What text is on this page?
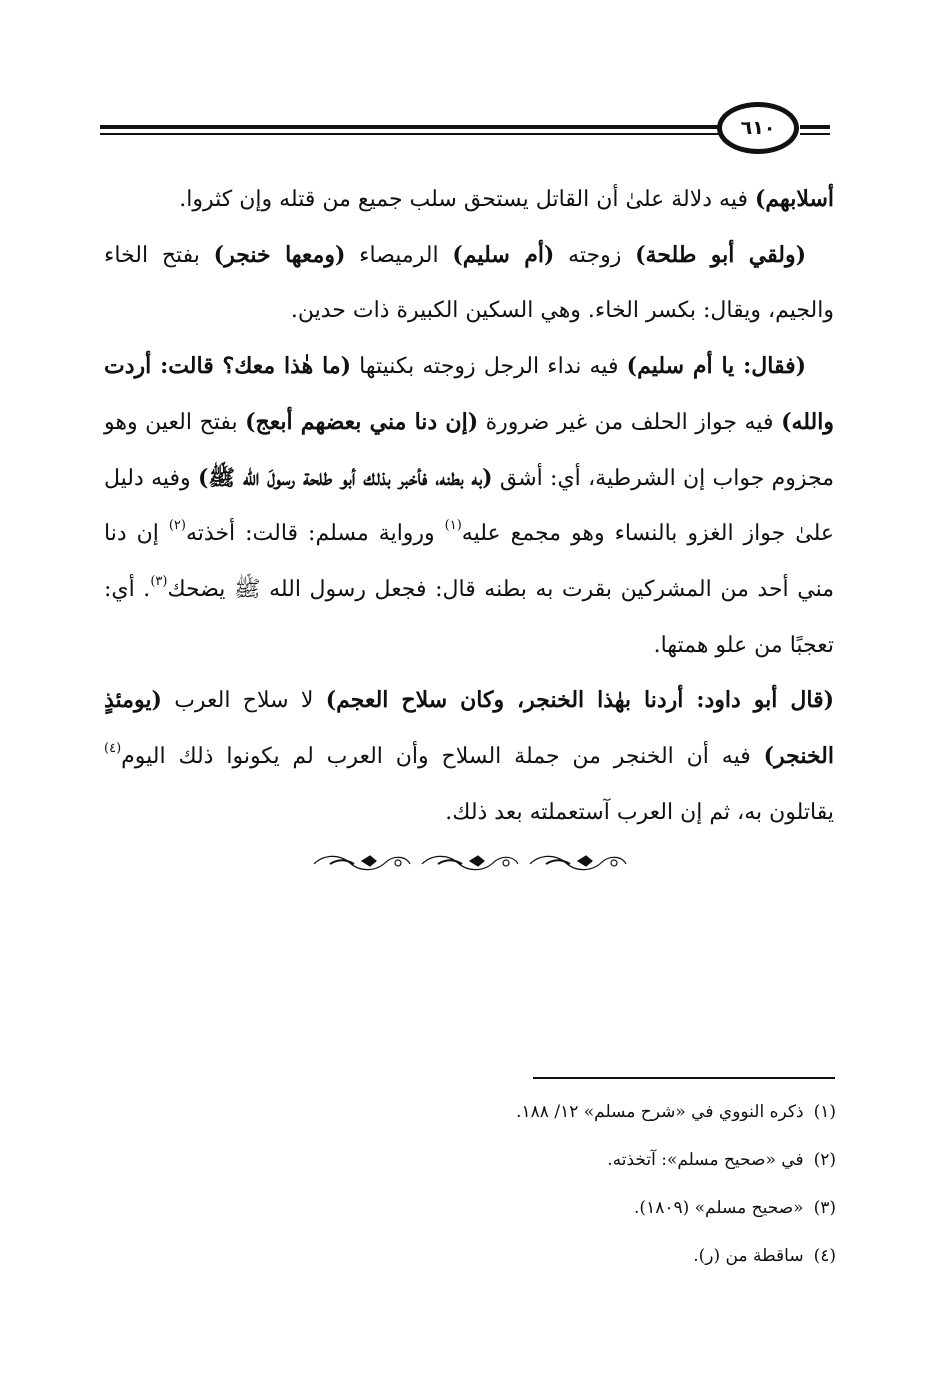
٦١٠

أسلابهم) فيه دلالة علىٰ أن القاتل يستحق سلب جميع من قتله وإن كثروا.

(ولقي أبو طلحة) زوجته (أم سليم) الرميصاء (ومعها خنجر) بفتح الخاء والجيم، ويقال: بكسر الخاء. وهي السكين الكبيرة ذات حدين.

(فقال: يا أم سليم) فيه نداء الرجل زوجته بكنيتها (ما هٰذا معك؟ قالت: أردت والله) فيه جواز الحلف من غير ضرورة (إن دنا مني بعضهم أبعج) بفتح العين وهو مجزوم جواب إن الشرطية، أي: أشق (به بطنه، فأخبر بذلك أبو طلحة رسولَ الله ﷺ) وفيه دليل علىٰ جواز الغزو بالنساء وهو مجمع عليه$^{(١)}$ ورواية مسلم: قالت: أخذته$^{(٢)}$ إن دنا مني أحد من المشركين بقرت به بطنه قال: فجعل رسول الله ﷺ يضحك$^{(٣)}$. أي: تعجبًا من علو همتها.

(قال أبو داود: أردنا بهٰذا الخنجر، وكان سلاح العجم) لا سلاح العرب (يومئذٍ الخنجر) فيه أن الخنجر من جملة السلاح وأن العرب لم يكونوا ذلك اليوم$^{(٤)}$ يقاتلون به، ثم إن العرب آستعملته بعد ذلك.

(١)ذكره النووي في «شرح مسلم» ١٢/ ١٨٨.
(٢)في «صحيح مسلم»: آتخذته.
(٣)«صحيح مسلم» (١٨٠٩).
(٤)ساقطة من (ر).
